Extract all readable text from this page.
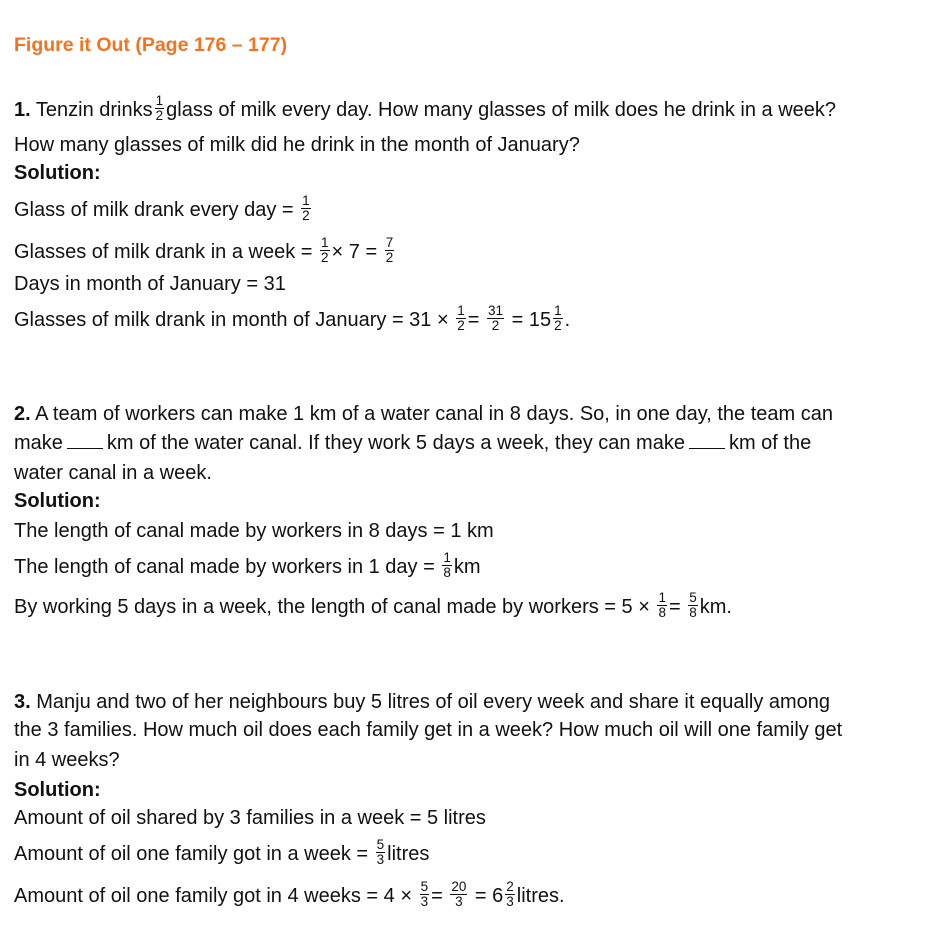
Figure it Out (Page 176 – 177)
1. Tenzin drinks $\frac{1}{2}$ glass of milk every day. How many glasses of milk does he drink in a week?
How many glasses of milk did he drink in the month of January?
Solution:
Glass of milk drank every day = $\frac{1}{2}$
Glasses of milk drank in a week = $\frac{1}{2} \times 7 = \frac{7}{2}$
Days in month of January = 31
Glasses of milk drank in month of January = $31 \times \frac{1}{2} = \frac{31}{2} = 15 \frac{1}{2}$ .
2. A team of workers can make 1 km of a water canal in 8 days. So, in one day, the team can
make km of the water canal. If they work 5 days a week, they can make km of the
water canal in a week.
Solution:
The length of canal made by workers in 8 days = 1 km
The length of canal made by workers in 1 day = $\frac{1}{8}$ km
By working 5 days in a week, the length of canal made by workers = $5 \times \frac{1}{8} = \frac{5}{8}$ km.
3. Manju and two of her neighbours buy 5 litres of oil every week and share it equally among
the 3 families. How much oil does each family get in a week? How much oil will one family get
in 4 weeks?
Solution:
Amount of oil shared by 3 families in a week = 5 litres
Amount of oil one family got in a week = $\frac{5}{3}$ litres
Amount of oil one family got in 4 weeks = $4 \times \frac{5}{3} = \frac{20}{3} = 6 \frac{2}{3}$ litres.
